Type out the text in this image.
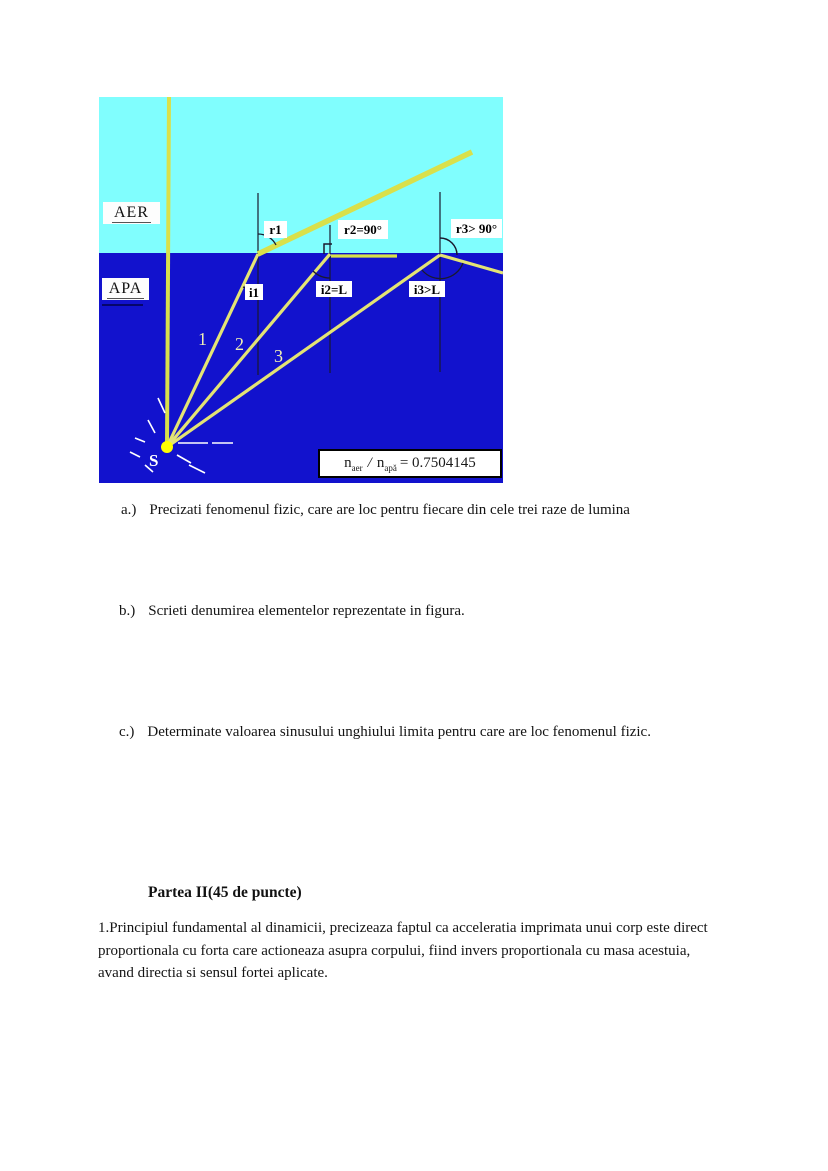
AER
APA
r1	r2=90°	r3> 90°
i1	i2=L	i3>L
1 2
3
S	$n_{aer} / n_{apă} = 0.7504145$
a.) Precizati fenomenul fizic, care are loc pentru fiecare din cele trei raze de lumina
b.) Scrieti denumirea elementelor reprezentate in figura.
c.) Determinate valoarea sinusului unghiului limita pentru care are loc fenomenul fizic.
Partea II(45 de puncte)
1.Principiul fundamental al dinamicii, precizeaza faptul ca acceleratia imprimata unui corp este direct
proportionala cu forta care actioneaza asupra corpului, fiind invers proportionala cu masa acestuia,
avand directia si sensul fortei aplicate.
